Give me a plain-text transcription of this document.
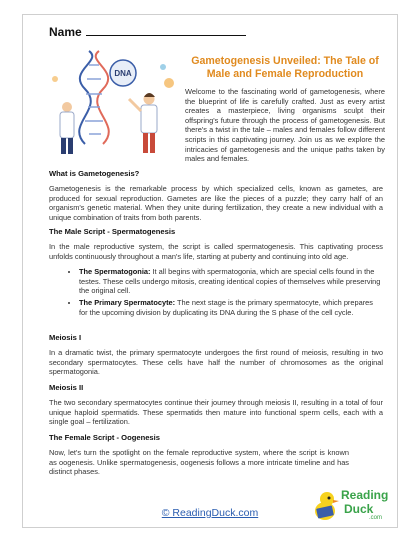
Name
DNA
Gametogenesis Unveiled: The Tale of Male and Female Reproduction
Welcome to the fascinating world of gametogenesis, where the blueprint of life is carefully crafted. Just as every artist creates a masterpiece, living organisms sculpt their offspring's future through the process of gametogenesis. But there's a twist in the tale – males and females follow different scripts in this captivating journey. Join us as we explore the intricacies of gametogenesis and the unique paths taken by males and females.
What is Gametogenesis?
Gametogenesis is the remarkable process by which specialized cells, known as gametes, are produced for sexual reproduction. Gametes are like the pieces of a puzzle; they carry half of an organism's genetic material. When they unite during fertilization, they create a new individual with a unique combination of traits from both parents.
The Male Script - Spermatogenesis
In the male reproductive system, the script is called spermatogenesis. This captivating process unfolds continuously throughout a man's life, starting at puberty and continuing into old age.
• The Spermatogonia: It all begins with spermatogonia, which are special cells found in the testes. These cells undergo mitosis, creating identical copies of themselves while preserving the original cell.
• The Primary Spermatocyte: The next stage is the primary spermatocyte, which prepares for the upcoming division by duplicating its DNA during the S phase of the cell cycle.
Meiosis I
In a dramatic twist, the primary spermatocyte undergoes the first round of meiosis, resulting in two secondary spermatocytes. These cells have half the number of chromosomes as the original spermatogonia.
Meiosis II
The two secondary spermatocytes continue their journey through meiosis II, resulting in a total of four unique haploid spermatids. These spermatids then mature into functional sperm cells, each with a single goal – fertilization.
The Female Script - Oogenesis
Now, let's turn the spotlight on the female reproductive system, where the script is known as oogenesis. Unlike spermatogenesis, oogenesis follows a more intricate timeline and has distinct phases.
© ReadingDuck.com
Reading
Duck
.com
